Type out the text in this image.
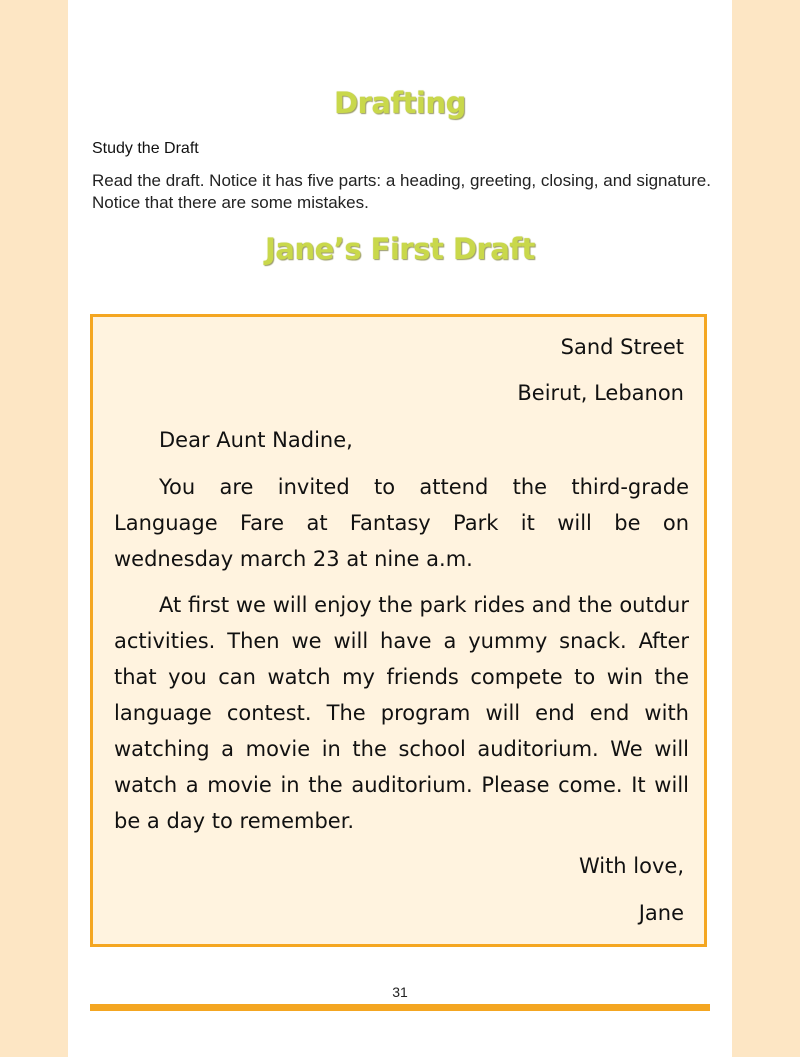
Drafting
Study the Draft

Read the draft. Notice it has five parts: a heading, greeting, closing, and signature. Notice that there are some mistakes.

Jane’s First Draft

Sand Street

Beirut, Lebanon

Dear Aunt Nadine,

You are invited to attend the third-grade Language Fare at Fantasy Park it will be on wednesday march 23 at nine a.m.

At first we will enjoy the park rides and the outdur activities. Then we will have a yummy snack. After that you can watch my friends compete to win the language contest. The program will end end with watching a movie in the school auditorium. We will watch a movie in the auditorium. Please come. It will be a day to remember.

With love,

Jane

31
